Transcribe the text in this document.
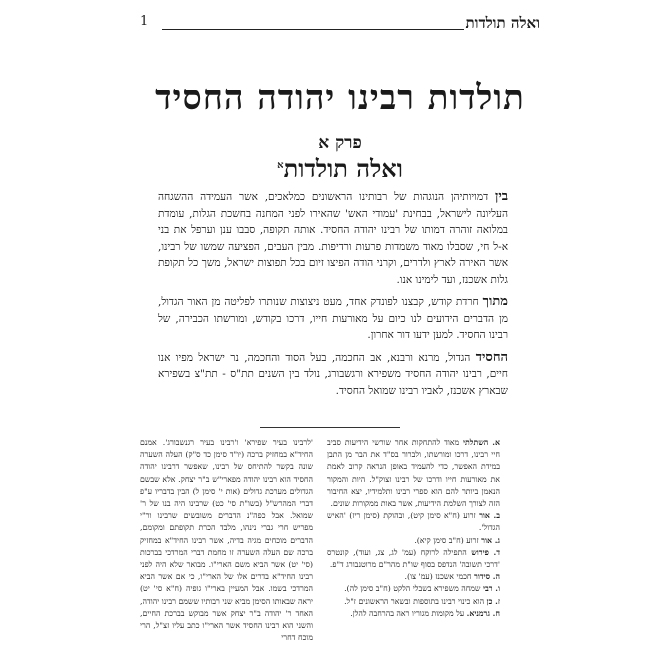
ואלה תולדות
1
תולדות רבינו יהודה החסיד
פרק א
ואלה תולדות$^א$

בין דמויותיהן הנוגהות של רבותינו הראשונים כמלאכים, אשר העמידה ההשגחה העליונה לישראל, בבחינת 'עמודי האש' שהאירו לפני המחנה בחשכת הגלות, עומדת במלואה זוהרה דמותו של רבינו יהודה החסיד. אותה תקופה, סבבו ענן וערפל את בני א-ל חי, שסבלו מאוד משמדות פרעות ורדיפות. מבין העבים, הפציעה שמשו של רבינו, אשר האירה לארץ ולדרים, וקרני הודה הפיצו זיום בכל תפוצות ישראל, משך כל תקופת גלות אשכנז, ועד לימינו אנו.

מתוך חרדת קודש, קבצנו לפונדק אחד, מעט ניצוצות שנותרו לפליטה מן האור הגדול, מן הדברים הידועים לנו כיום על מאורעות חייו, דרכו בקודש, ומורשתו הכבירה, של רבינו החסיד. למען ידעו דור אחרון.

החסיד הגדול, מרנא ורבנא, אב החכמה, בעל הסוד והחכמה, נר ישראל מפיו אנו חיים, רבינו יהודה החסיד משפירא ורגשבורג, נולד בין השנים תת"ס - תת"צ בשפירא שבארץ אשכנז, לאביו רבינו שמואל החסיד.

א. השתלתי מאוד להתחקות אחר שורשי הידיעות סביב חיי רבינו, דרכו ומורשתו, ולברור בס"ד את הבר מן התבן במידת האפשר, כדי להעמיד באופן הנראה קרוב לאמת את מאורעות חייו ודרכו של רבינו זצוק"ל. היות והמקור הנאמן ביותר להם הוא ספרי רבינו ותלמידיו, יצא החיבור הזה לצורך השלמת הידיעות, אשר באות ממקורות שונים.

ב. אור זרוע (ח"א סימן קיט), ובהוקת (סימן ריז) 'האיש הגדול'.

ג. אור זרוע (ח"ב סימן קיא).

ד. פירוש התפילה לרוקח (עמ' לג, צג, ועוד), קונטרס 'דרכי תשובה' הנדפס בסוף שו"ת מהר"ם מרוטנבורג ד"פ.

ה. סידור חכמי אשכנז (עמ' צו).

ו. רבי שמחה משפירא בשבלי הלקט (ח"ב סימן לה).

ז. כן הוא כינוי רבינו בתוספות ובשאר הראשונים ז"ל.

ח. גרמניא. על מקומות מגוריו ראה בהרחבה להלן.

'לרבינו בעיר שפירא' ו'רבינו בעיר רגנשבורג'. אמנם החיד"א במחזיק ברכה (יו"ד סימן כד ס"ק) העלה השערה שונה בקשר להתיחס של רבינו, שאפשר דרבינו יהודה החסיד הוא רבינו יהודה מפארי"ש ב"ר יצחק. אלא שבשם הגדולים מערכת גדולים (אות י' סימן ל) הבין בדבריו ע"פ דברי המהרש"ל (בשו"ת סי' כט) שרבינו היה בנו של ר' שמואל. אבל כפה"נ הדברים משובשים שרבינו ור"י מפריש חרי גברי נינהו, מלבד הכרת תקופתם ומקומם, הדברים מוכחים מגיה בדיה, אשר רבינו החיד"א במחזיק ברכה שם העלה השערה זו מחמת דברי המרדכי בברכות (סי' יט) אשר הביא משם הארי"ו. מבואר שלא היה לפני רבינו החיד"א בדרים אלו של הארי"ו, כי אם אשר הביא המרדכי בשמו. אבל המעיין בארי"ו גופיה (ח"א סי' יט) יראה שבאותו הסימן מביא שני רבותיו ששמם רבינו יהודה, האחד ר' יהודה ב"ר יצחק אשר מבוקש בברכת החיים, והשני הוא רבינו החסיד אשר הארי"ו כתב עליו זצ"ל, הרי מוכח דחרי
